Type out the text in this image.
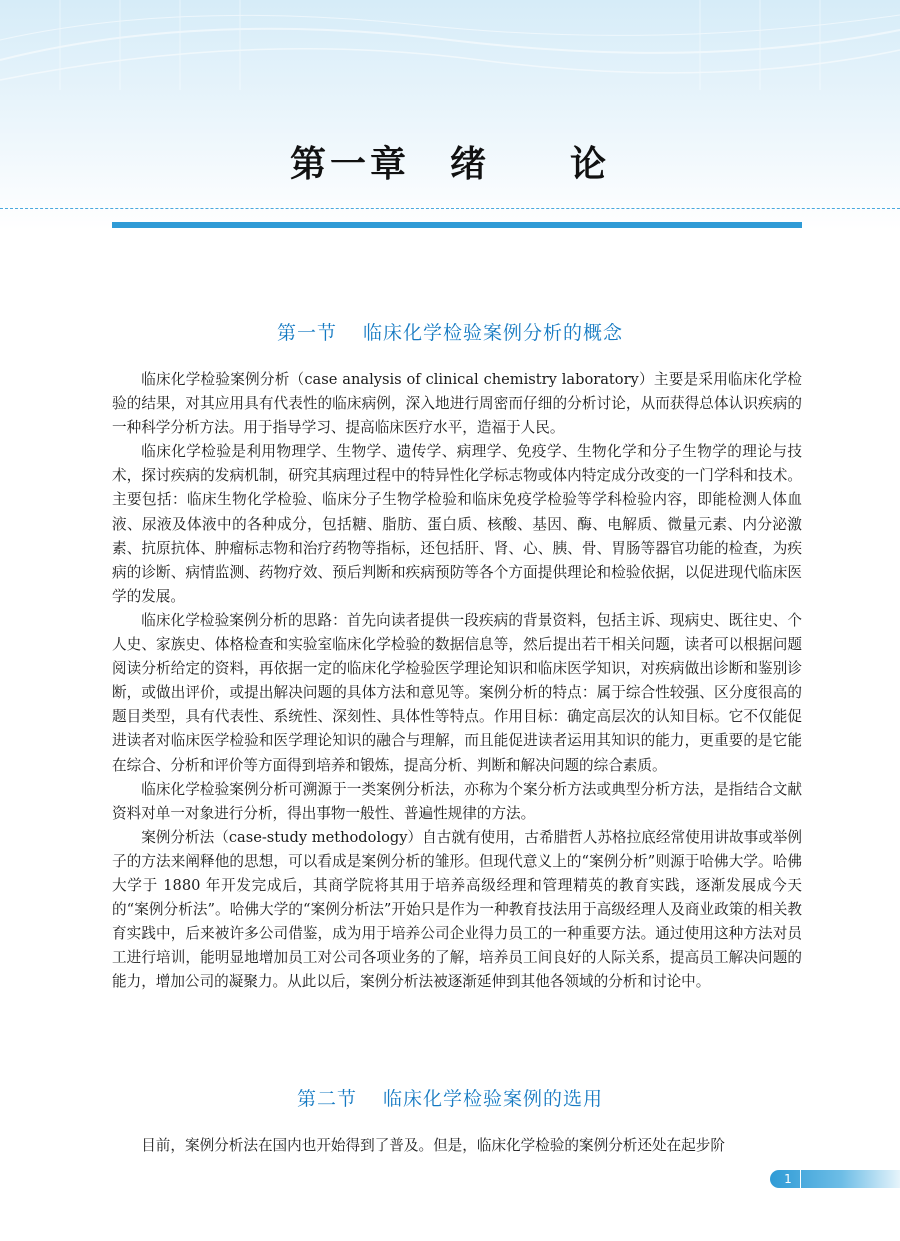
第一章　绪　　论
第一节 临床化学检验案例分析的概念

临床化学检验案例分析（case analysis of clinical chemistry laboratory）主要是采用临床化学检验的结果，对其应用具有代表性的临床病例，深入地进行周密而仔细的分析讨论，从而获得总体认识疾病的一种科学分析方法。用于指导学习、提高临床医疗水平，造福于人民。

临床化学检验是利用物理学、生物学、遗传学、病理学、免疫学、生物化学和分子生物学的理论与技术，探讨疾病的发病机制，研究其病理过程中的特异性化学标志物或体内特定成分改变的一门学科和技术。主要包括：临床生物化学检验、临床分子生物学检验和临床免疫学检验等学科检验内容，即能检测人体血液、尿液及体液中的各种成分，包括糖、脂肪、蛋白质、核酸、基因、酶、电解质、微量元素、内分泌激素、抗原抗体、肿瘤标志物和治疗药物等指标，还包括肝、肾、心、胰、骨、胃肠等器官功能的检查，为疾病的诊断、病情监测、药物疗效、预后判断和疾病预防等各个方面提供理论和检验依据，以促进现代临床医学的发展。

临床化学检验案例分析的思路：首先向读者提供一段疾病的背景资料，包括主诉、现病史、既往史、个人史、家族史、体格检查和实验室临床化学检验的数据信息等，然后提出若干相关问题，读者可以根据问题阅读分析给定的资料，再依据一定的临床化学检验医学理论知识和临床医学知识，对疾病做出诊断和鉴别诊断，或做出评价，或提出解决问题的具体方法和意见等。案例分析的特点：属于综合性较强、区分度很高的题目类型，具有代表性、系统性、深刻性、具体性等特点。作用目标：确定高层次的认知目标。它不仅能促进读者对临床医学检验和医学理论知识的融合与理解，而且能促进读者运用其知识的能力，更重要的是它能在综合、分析和评价等方面得到培养和锻炼，提高分析、判断和解决问题的综合素质。

临床化学检验案例分析可溯源于一类案例分析法，亦称为个案分析方法或典型分析方法，是指结合文献资料对单一对象进行分析，得出事物一般性、普遍性规律的方法。

案例分析法（case-study methodology）自古就有使用，古希腊哲人苏格拉底经常使用讲故事或举例子的方法来阐释他的思想，可以看成是案例分析的雏形。但现代意义上的“案例分析”则源于哈佛大学。哈佛大学于 1880 年开发完成后，其商学院将其用于培养高级经理和管理精英的教育实践，逐渐发展成今天的“案例分析法”。哈佛大学的“案例分析法”开始只是作为一种教育技法用于高级经理人及商业政策的相关教育实践中，后来被许多公司借鉴，成为用于培养公司企业得力员工的一种重要方法。通过使用这种方法对员工进行培训，能明显地增加员工对公司各项业务的了解，培养员工间良好的人际关系，提高员工解决问题的能力，增加公司的凝聚力。从此以后，案例分析法被逐渐延伸到其他各领域的分析和讨论中。

第二节 临床化学检验案例的选用

目前，案例分析法在国内也开始得到了普及。但是，临床化学检验的案例分析还处在起步阶

1
